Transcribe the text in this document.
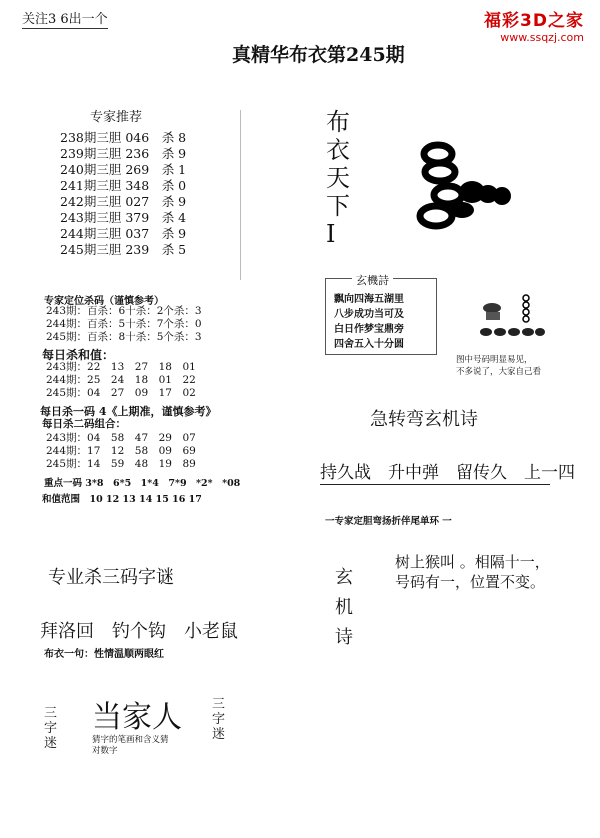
关注3 6出一个	福彩3D之家
www.ssqzj.com
真精华布衣第245期
专家推荐
238期三胆 046　杀 8
239期三胆 236　杀 9
240期三胆 269　杀 1
241期三胆 348　杀 0
242期三胆 027　杀 9
243期三胆 379　杀 4
244期三胆 037　杀 9
245期三胆 239　杀 5
专家定位杀码（谨慎参考）
243期：百杀：6十杀：2个杀：3
244期：百杀：5十杀：7个杀：0
245期：百杀：8十杀：5个杀：3
每日杀和值：
243期：22　13　27　18　01
244期：25　24　18　01　22
245期：04　27　09　17　02
每日杀一码 4《上期准，谨慎参考》
每日杀二码组合：
243期：04　58　47　29　07
244期：17　12　58　09　69
245期：14　59　48　19　89
重点一码 3*8　6*5　1*4　7*9　*2*　*08
和值范围　10 12 13 14 15 16 17
专业杀三码字谜
拜洛回　钓个钩　小老鼠
布衣一句：性情温顺两眼红
三
字
迷
当家人
猜字的笔画和含义猜
对数字
三
字
迷
布
衣
天
下
I
玄機詩
飘向四海五湖里
八步成功当可及
白日作梦宝鼎旁
四舍五入十分圆
图中号码明显易见，
不多说了，大家自己看
急转弯玄机诗
持久战　升中弹　留传久　上一四
一专家定胆弯扬折伴尾单环 一
玄
机
诗
树上猴叫 。相隔十一，
号码有一，位置不变。
